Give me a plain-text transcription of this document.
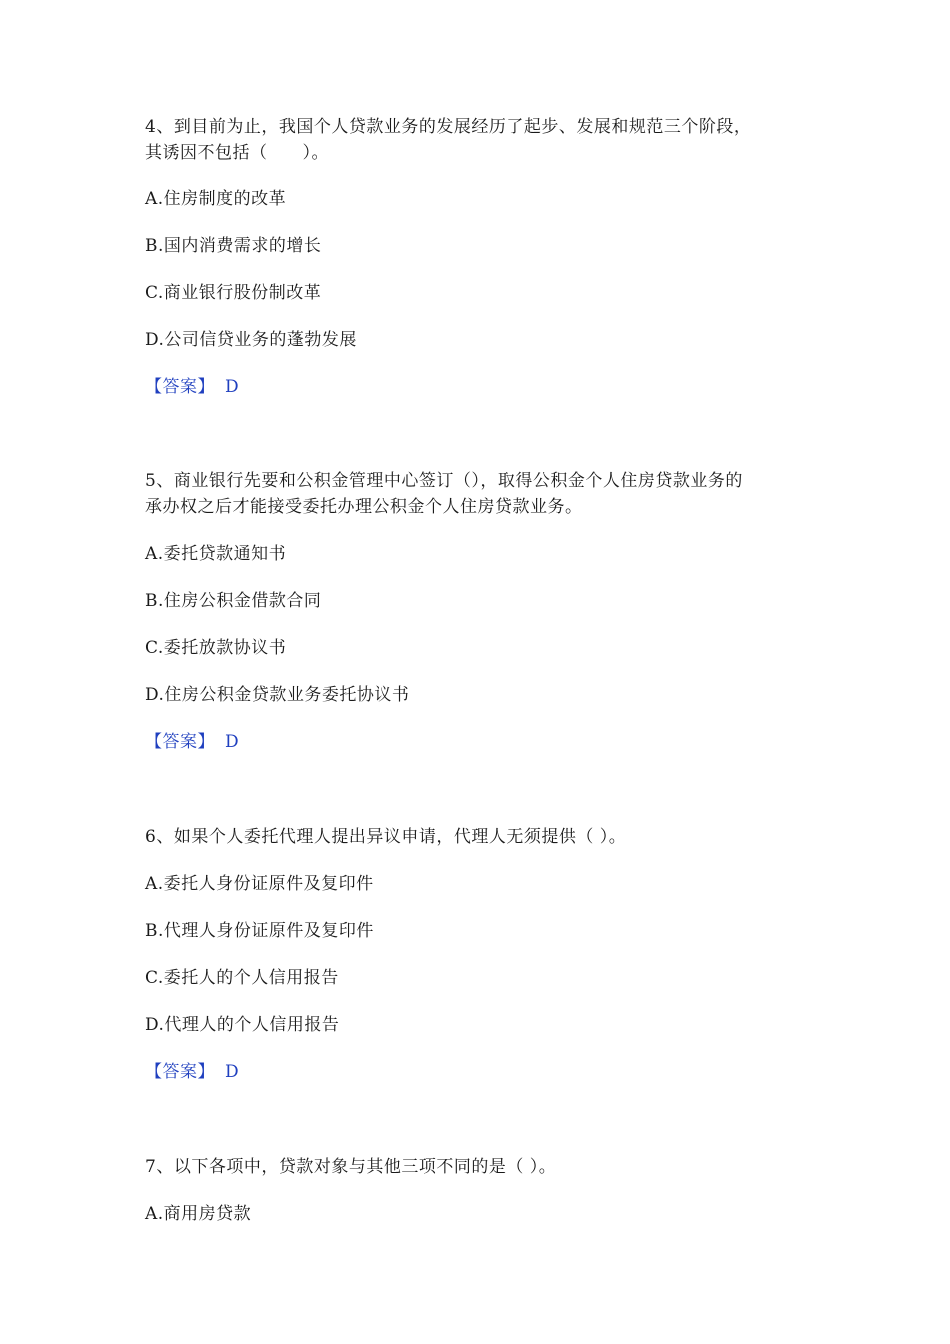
4、到目前为止，我国个人贷款业务的发展经历了起步、发展和规范三个阶段，
其诱因不包括（　　）。
A.住房制度的改革
B.国内消费需求的增长
C.商业银行股份制改革
D.公司信贷业务的蓬勃发展
【答案】 D
5、商业银行先要和公积金管理中心签订（），取得公积金个人住房贷款业务的
承办权之后才能接受委托办理公积金个人住房贷款业务。
A.委托贷款通知书
B.住房公积金借款合同
C.委托放款协议书
D.住房公积金贷款业务委托协议书
【答案】 D
6、如果个人委托代理人提出异议申请，代理人无须提供（ ）。
A.委托人身份证原件及复印件
B.代理人身份证原件及复印件
C.委托人的个人信用报告
D.代理人的个人信用报告
【答案】 D
7、以下各项中，贷款对象与其他三项不同的是（ ）。
A.商用房贷款
